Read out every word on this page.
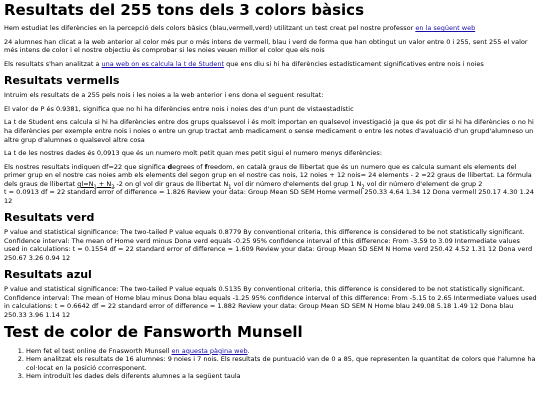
Resultats del 255 tons dels 3 colors bàsics

Hem estudiat les diferències en la percepció dels colors bàsics (blau,vermell,verd) utilitzant un test creat pel nostre professor en la següent web

24 alumnes han clicat a la web anterior al color més pur o més intens de vermell, blau i verd de forma que han obtingut un valor entre 0 i 255, sent 255 el valor més intens de color i el nostre objectiu és comprobar si les noies veuen millor el color que els nois

Els resultats s'han analitzat a una web on es calcula la t de Student que ens diu si hi ha diferències estadísticament significatives entre nois i noies

Resultats vermells

Intruim els resultats de a 255 pels nois i les noies a la web anterior i ens dona el seguent resultat:

El valor de P és 0.9381, significa que no hi ha diferències entre nois i noies des d'un punt de vistaestadístic

La t de Student ens calcula si hi ha diferències entre dos grups qualssevol i és molt importan en qualsevol investigació ja que és pot dir si hi ha diferències o no hi ha diferències per exemple entre nois i noies o entre un grup tractat amb madicament o sense medicament o entre les notes d'avaluació d'un grupd'alumneso un altre grup d'alumnes o qualsevol altre cosa

La t de les nostres dades és 0,0913 que és un numero molt petit quan mes petit sigui el numero menys diferències:

Els nostres resultats indiquen df=22 que significa degrees of freedom, en català graus de llibertat que és un numero que es calcula sumant els elements del primer grup en el nostre cas noies amb els elements del segon grup en el nostre cas nois, 12 noies + 12 nois= 24 elements - 2 =22 graus de llibertat. La fórmula dels graus de llibertat $gl=N_1 + N_2$ -2 on gl vol dir graus de llibertat $N_1$ vol dir número d'elements del grup 1 $N_2$ vol dir número d'element de grup 2
t = 0.0913 df = 22 standard error of difference = 1.826 Review your data: Group Mean SD SEM Home vermell 250.33 4.64 1.34 12 Dona vermell 250.17 4.30 1.24 12

Resultats verd

P value and statistical significance: The two-tailed P value equals 0.8779 By conventional criteria, this difference is considered to be not statistically significant. Confidence interval: The mean of Home verd minus Dona verd equals -0.25 95% confidence interval of this difference: From -3.59 to 3.09 Intermediate values used in calculations: t = 0.1554 df = 22 standard error of difference = 1.609 Review your data: Group Mean SD SEM N Home verd 250.42 4.52 1.31 12 Dona verd 250.67 3.26 0.94 12

Resultats azul

P value and statistical significance: The two-tailed P value equals 0.5135 By conventional criteria, this difference is considered to be not statistically significant. Confidence interval: The mean of Home blau minus Dona blau equals -1.25 95% confidence interval of this difference: From -5.15 to 2.65 Intermediate values used in calculations: t = 0.6642 df = 22 standard error of difference = 1.882 Review your data: Group Mean SD SEM N Home blau 249.08 5.18 1.49 12 Dona blau 250.33 3.96 1.14 12

Test de color de Fansworth Munsell
1. Hem fet el test online de Fnasworth Munsell en aquesta pàgina web.
2. Hem analitzat els resultats de 16 alumnes: 9 noies i 7 nois. Els resultats de puntuació van de 0 a 85, que representen la quantitat de colors que l'alumne ha col·locat en la posició ccorresponent.
3. Hem introduït les dades dels diferents alumnes a la següent taula
